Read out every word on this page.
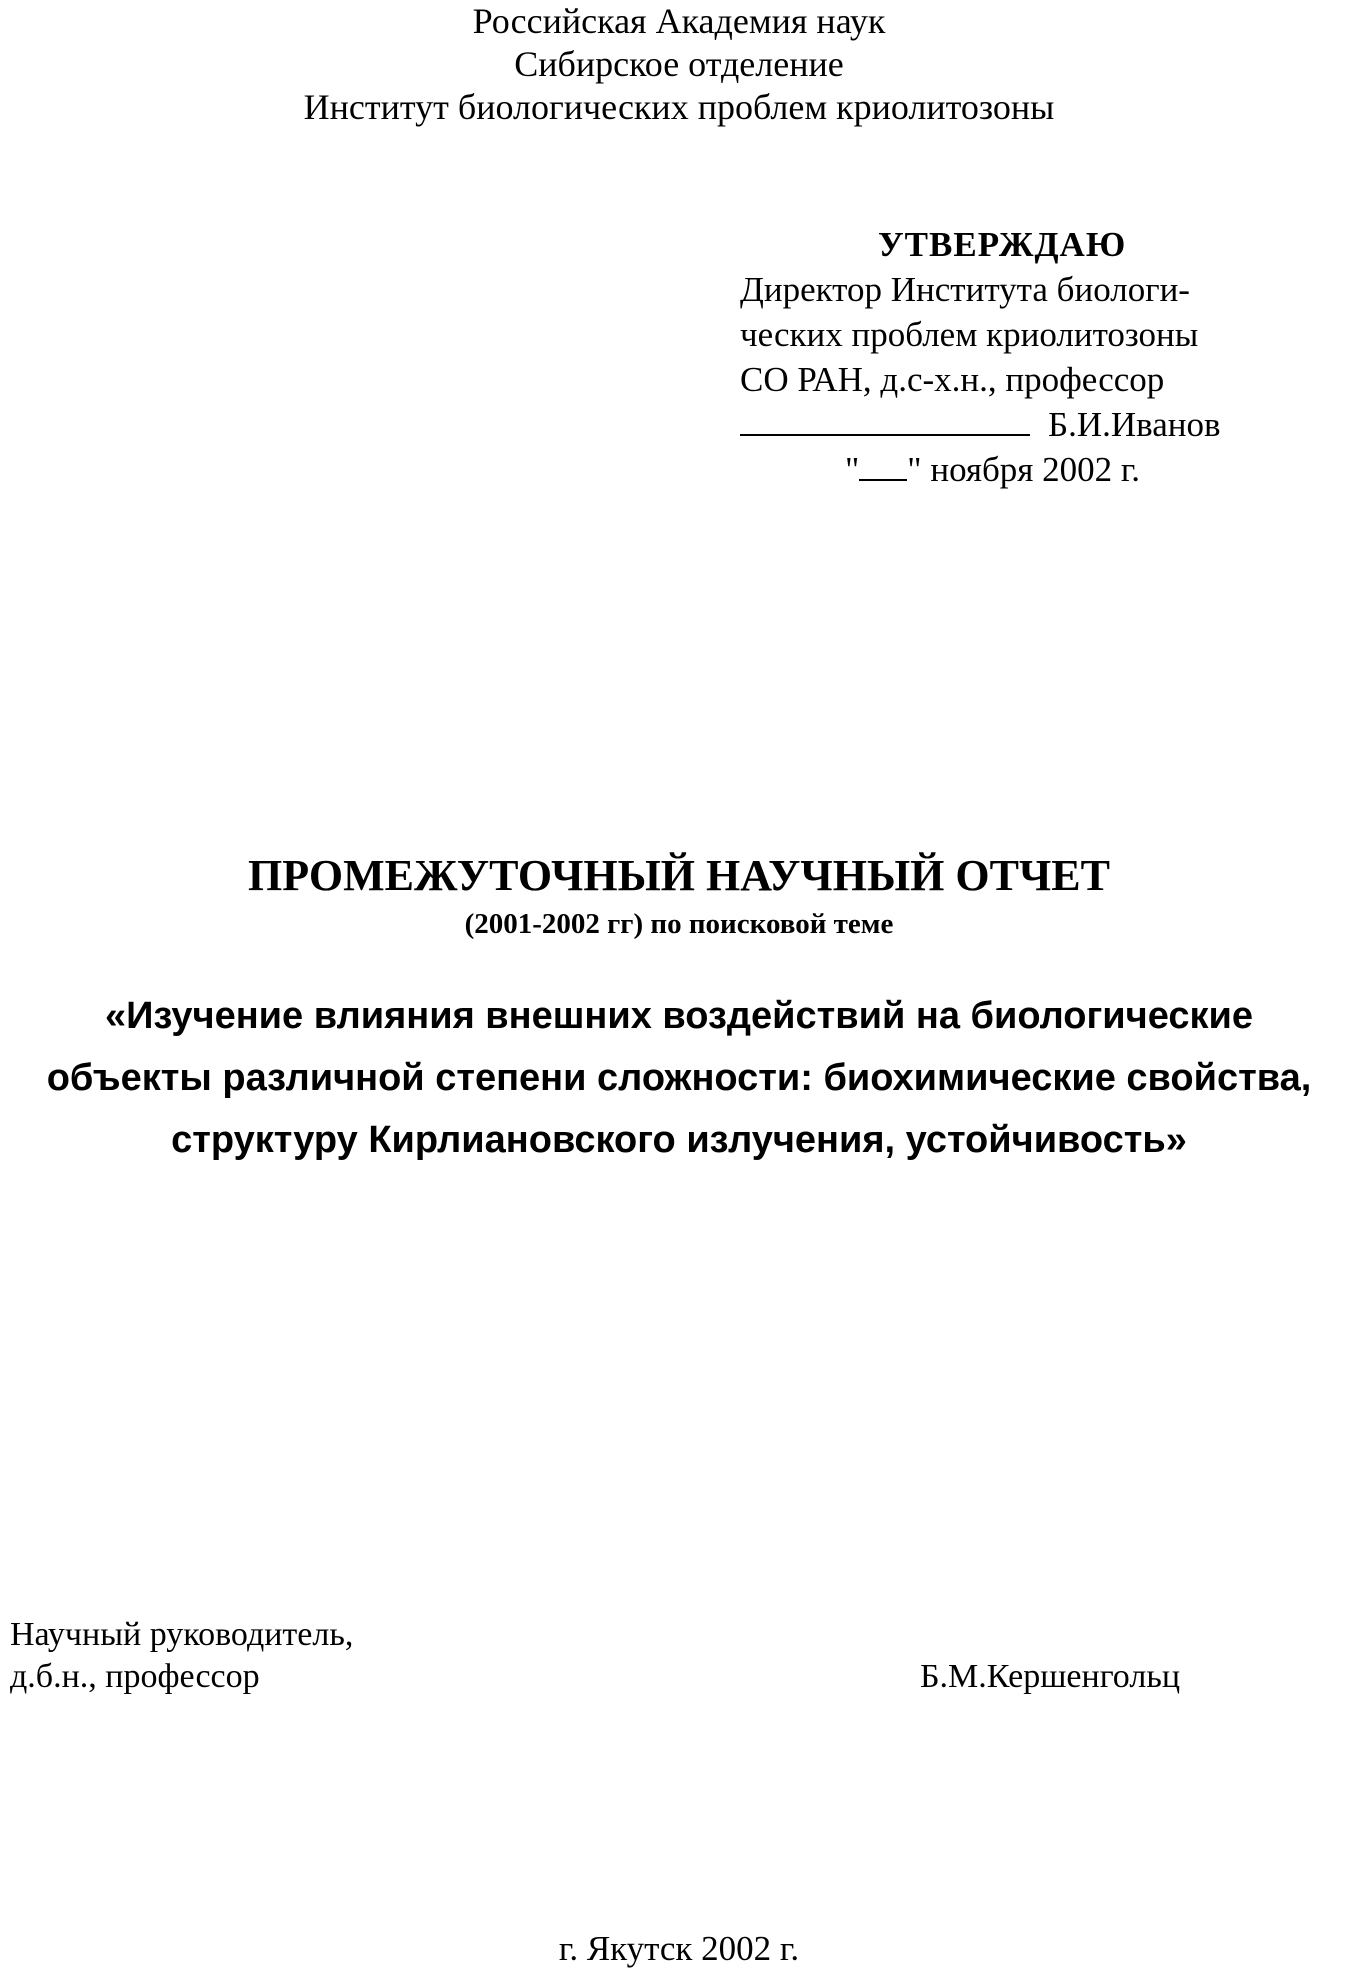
Российская Академия наук
Сибирское отделение
Институт биологических проблем криолитозоны
УТВЕРЖДАЮ
Директор Института биологи-
ческих проблем криолитозоны
СО РАН, д.с-х.н., профессор
Б.И.Иванов
" " ноября 2002 г.
ПРОМЕЖУТОЧНЫЙ НАУЧНЫЙ ОТЧЕТ
(2001-2002 гг) по поисковой теме
«Изучение влияния внешних воздействий на биологические
объекты различной степени сложности: биохимические свойства,
структуру Кирлиановского излучения, устойчивость»
Научный руководитель,
д.б.н., профессор	Б.М.Кершенгольц
г. Якутск 2002 г.
